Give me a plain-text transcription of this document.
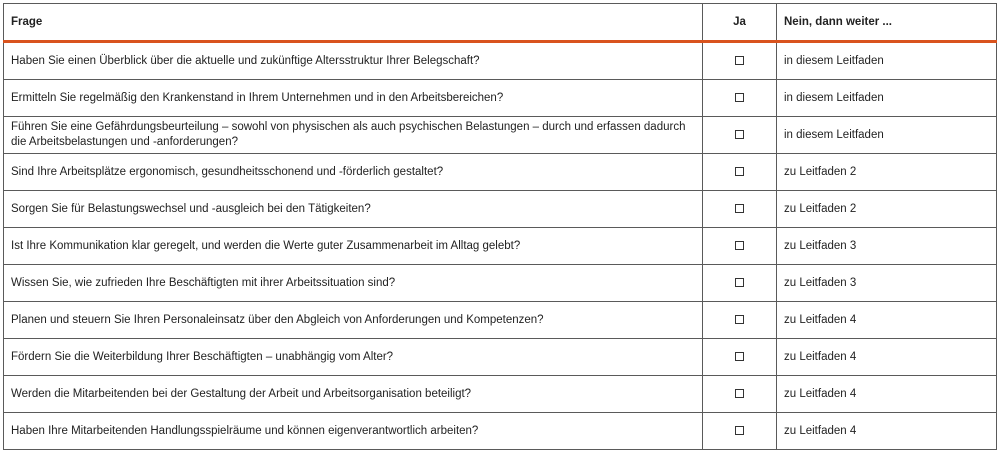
Frage	Ja	Nein, dann weiter ...

Haben Sie einen Überblick über die aktuelle und zukünftige Altersstruktur Ihrer Belegschaft?		in diesem Leitfaden
Ermitteln Sie regelmäßig den Krankenstand in Ihrem Unternehmen und in den Arbeitsbereichen?		in diesem Leitfaden
Führen Sie eine Gefährdungsbeurteilung – sowohl von physischen als auch psychischen Belastungen – durch und erfassen dadurch die Arbeitsbelastungen und -anforderungen?		in diesem Leitfaden
Sind Ihre Arbeitsplätze ergonomisch, gesundheitsschonend und -förderlich gestaltet?		zu Leitfaden 2
Sorgen Sie für Belastungswechsel und -ausgleich bei den Tätigkeiten?		zu Leitfaden 2
Ist Ihre Kommunikation klar geregelt, und werden die Werte guter Zusammenarbeit im Alltag gelebt?		zu Leitfaden 3
Wissen Sie, wie zufrieden Ihre Beschäftigten mit ihrer Arbeitssituation sind?		zu Leitfaden 3
Planen und steuern Sie Ihren Personaleinsatz über den Abgleich von Anforderungen und Kompetenzen?		zu Leitfaden 4
Fördern Sie die Weiterbildung Ihrer Beschäftigten – unabhängig vom Alter?		zu Leitfaden 4
Werden die Mitarbeitenden bei der Gestaltung der Arbeit und Arbeitsorganisation beteiligt?		zu Leitfaden 4
Haben Ihre Mitarbeitenden Handlungsspielräume und können eigenverantwortlich arbeiten?		zu Leitfaden 4
